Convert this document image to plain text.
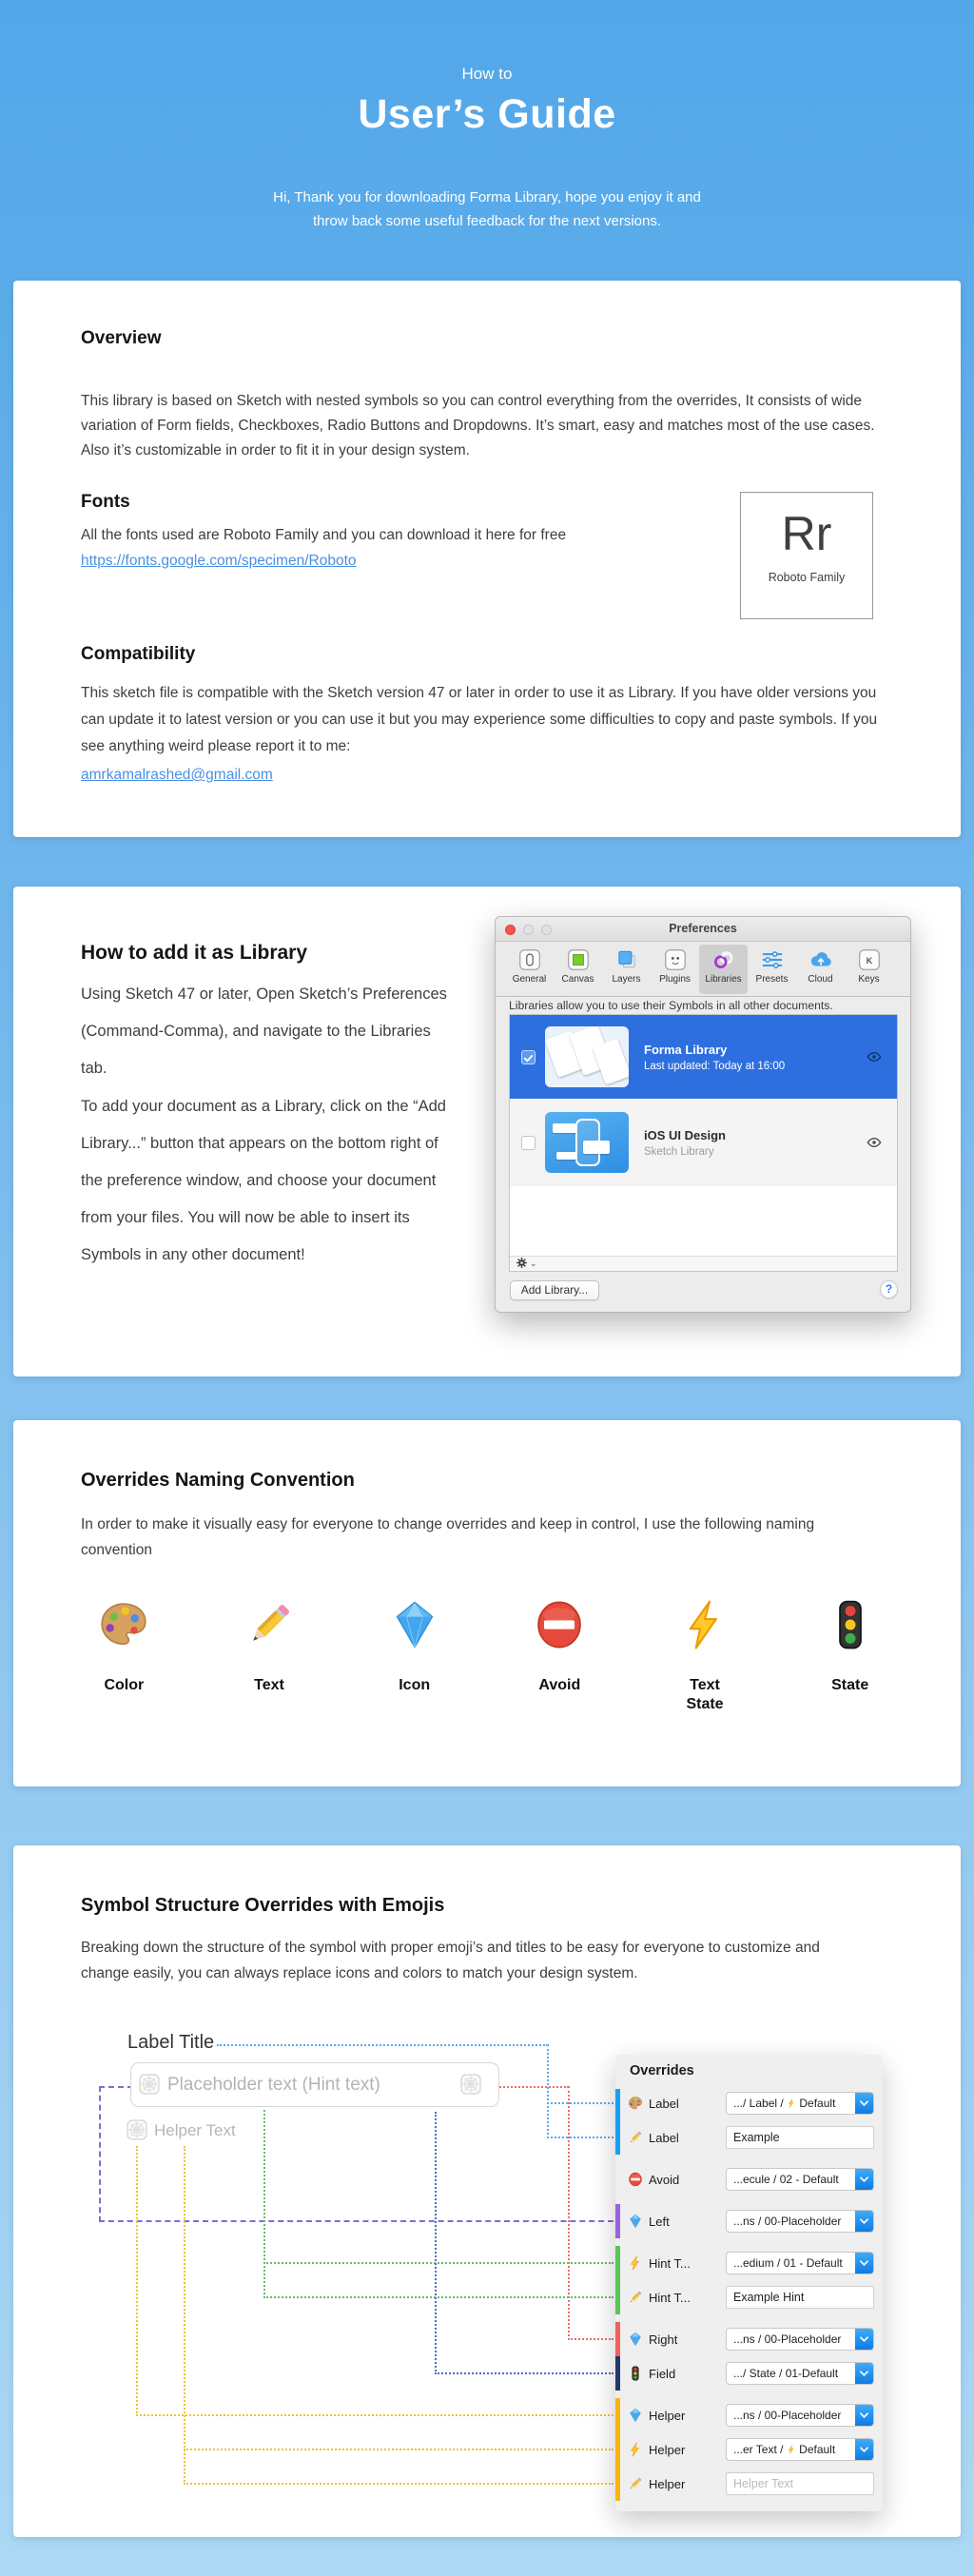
How to
User’s Guide
Hi, Thank you for downloading Forma Library, hope you enjoy it and
throw back some useful feedback for the next versions.
Overview
This library is based on Sketch with nested symbols so you can control everything from the overrides, It consists of wide variation of Form fields, Checkboxes, Radio Buttons and Dropdowns. It’s smart, easy and matches most of the use cases. Also it’s customizable in order to fit it in your design system.
Fonts
All the fonts used are Roboto Family and you can download it here for free https://fonts.google.com/specimen/Roboto
Rr
Roboto Family
Compatibility
This sketch file is compatible with the Sketch version 47 or later in order to use it as Library. If you have older versions you can update it to latest version or you can use it but you may experience some difficulties to copy and paste symbols. If you see anything weird please report it to me:
amrkamalrashed@gmail.com
How to add it as Library
Using Sketch 47 or later, Open Sketch’s Preferences (Command-Comma), and navigate to the Libraries tab.
To add your document as a Library, click on the “Add Library...” button that appears on the bottom right of the preference window, and choose your document from your files. You will now be able to insert its Symbols in any other document!
Preferences
General Canvas Layers Plugins Libraries Presets Cloud
K
Keys
Libraries allow you to use their Symbols in all other documents.
Forma Library
Last updated: Today at 16:00
iOS UI Design
Sketch Library
⌄
Add Library...	?
Overrides Naming Convention
In order to make it visually easy for everyone to change overrides and keep in control, I use the following naming convention
Color	Text	Icon	Avoid	Text State
State
Symbol Structure Overrides with Emojis
Breaking down the structure of the symbol with proper emoji’s and titles to be easy for everyone to customize and change easily, you can always replace icons and colors to match your design system.
Label Title
Placeholder text (Hint text)
Helper Text
Overrides
Label	.../ Label /  Default
Label	Example
Avoid	...ecule / 02 - Default
Left	...ns / 00-Placeholder
Hint T...	...edium / 01 - Default
Hint T...	Example Hint
Right	...ns / 00-Placeholder
Field	.../ State / 01-Default
Helper	...ns / 00-Placeholder
Helper	...er Text /  Default
Helper	Helper Text
